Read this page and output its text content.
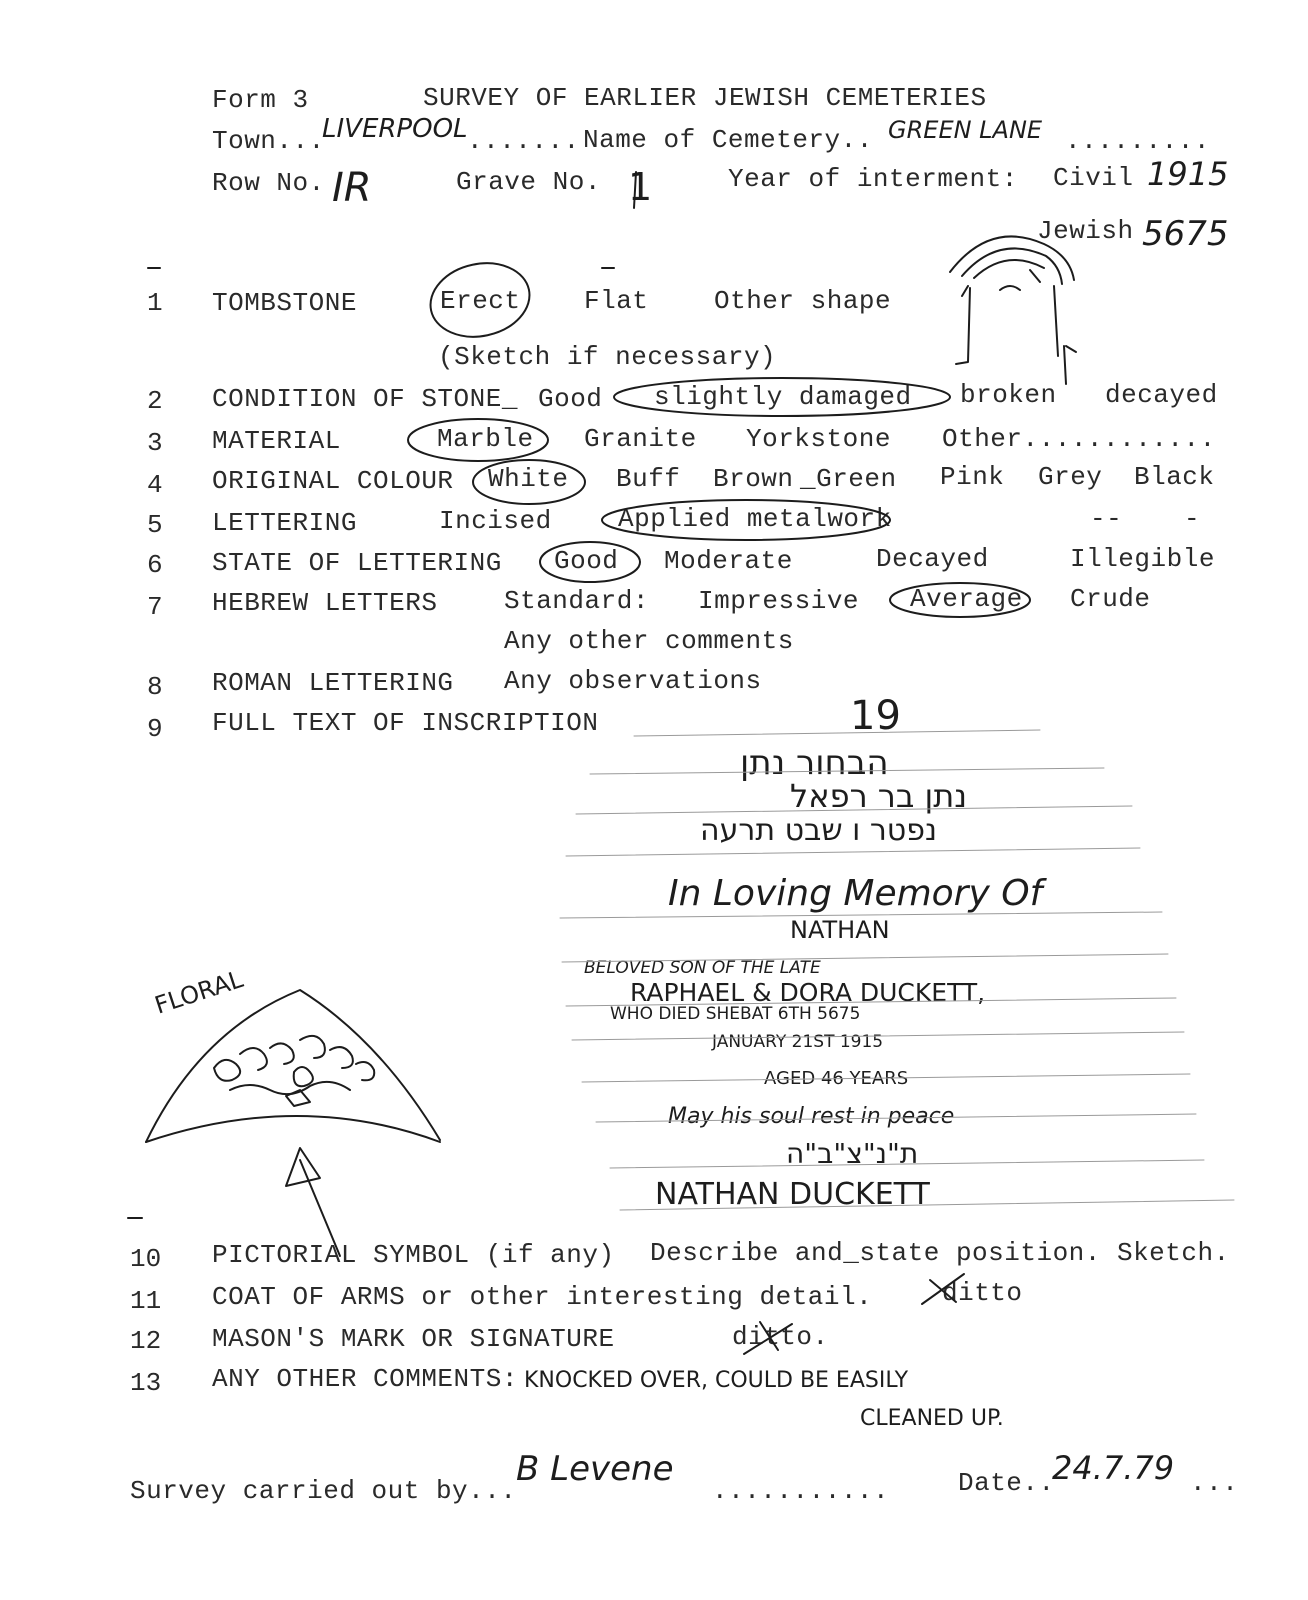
Form 3	SURVEY OF EARLIER JEWISH CEMETERIES
Town...
LIVERPOOL ....... Name of Cemetery.. GREEN LANE .........
Row No. IR	Grave No. 1	Year of interment: Civil 1915
Jewish 5675
1 TOMBSTONE	Erect Flat	Other shape
(Sketch if necessary)
2 CONDITION OF STONE_ Good slightly damaged broken decayed
3 MATERIAL	Marble Granite Yorkstone Other............
4 ORIGINAL COLOUR White Buff Brown _Green Pink Grey Black
5 LETTERING	Incised	Applied metalwork	-- -
6 STATE OF LETTERING Good Moderate	Decayed	Illegible
7 HEBREW LETTERS	Standard: Impressive Average Crude
Any other comments
8 ROMAN LETTERING Any observations
9 FULL TEXT OF INSCRIPTION	19
הבחור נתן
נתן בר רפאל
נפטר ו שבט תרעה
In Loving Memory Of
NATHAN
BELOVED SON OF THE LATE
RAPHAEL & DORA DUCKETT,
WHO DIED SHEBAT 6TH 5675
JANUARY 21ST 1915
AGED 46 YEARS
May his soul rest in peace
ת"נ"צ"ב"ה
NATHAN DUCKETT
FLORAL
10 PICTORIAL SYMBOL (if any) Describe and_state position. Sketch.
11 COAT OF ARMS or other interesting detail.	ditto
12 MASON'S MARK OR SIGNATURE	ditto.
13 ANY OTHER COMMENTS: KNOCKED OVER, COULD BE EASILY
CLEANED UP.
Survey carried out by...
B Levene
...........	Date..
24.7.79 ...
